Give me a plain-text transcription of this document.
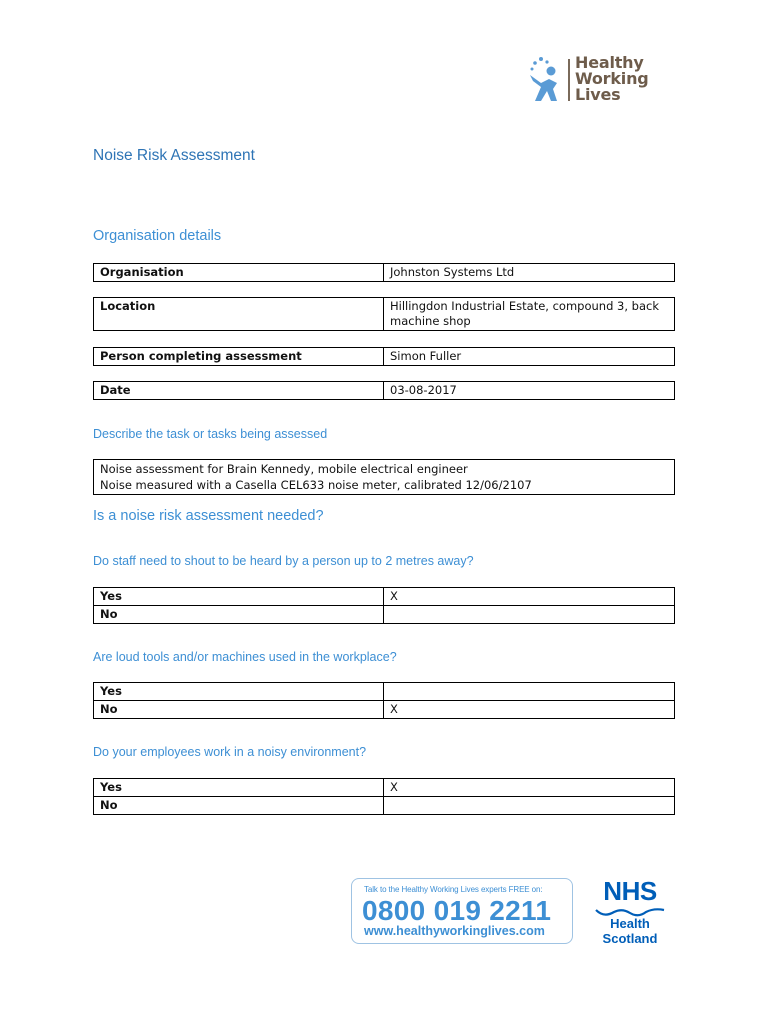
Healthy
Working
Lives
Noise Risk Assessment
Organisation details
Organisation	Johnston Systems Ltd
Location	Hillingdon Industrial Estate, compound 3, back machine shop
Person completing assessment	Simon Fuller
Date	03-08-2017
Describe the task or tasks being assessed
Noise assessment for Brain Kennedy, mobile electrical engineer
Noise measured with a Casella CEL633 noise meter, calibrated 12/06/2107
Is a noise risk assessment needed?
Do staff need to shout to be heard by a person up to 2 metres away?
Yes	X
No	
Are loud tools and/or machines used in the workplace?
Yes	
No	X
Do your employees work in a noisy environment?
Yes	X
No	
Talk to the Healthy Working Lives experts FREE on:
0800 019 2211
www.healthyworkinglives.com
NHS
Health
Scotland
